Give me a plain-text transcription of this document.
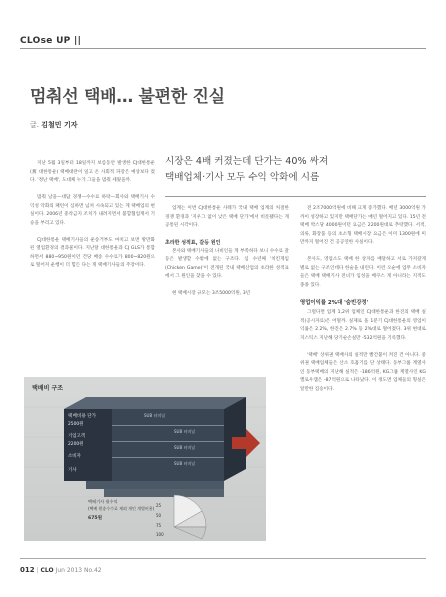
CLOse UP ||
멈춰선 택배… 불편한 진실
글. 김철민 기자

지난 5월 3일부터 18일까지 보름동안 발생한 CJ대한통운(舊 대한통운) 택배대란이 일고 온 사회적 파장은 예상보다 컸다. '정난 택배', 도대체 누가 그들을 멈춰 세웠을까.

멈춰 날을—대담 경쟁—수수료 하락—회사와 택배기사 수익성 악화의 패턴이 심하면 넘쳐 시속되고 있는 게 택배업의 현실이다. 2006년 중착금지 조치가 내려지면서 불합협업계서 기승을 부리고 있다.

CJ대한통운 택배기사들의 운송거부도 마치고 보면 방만화된 열업환경의 결과물이다. 지난달 대한통운과 CJ GLS가 통합하면서 880~950원이던 건당 배송 수수료가 800~820원으로 떨어져 운행이 더 힘든 다는 게 택배기사들의 주장이다.

시장은 4배 커졌는데 단가는 40% 싸져
택배업체·기사 모두 수익 악화에 시름

업계는 이번 CJ대한통운 사태가 국내 택배 업계의 처절한 경쟁 환경과 '지우그 없이 낮은 택배 단가'에서 비롯됐다는 게 공통된 시각이다.

초라한 성적표, 갈등 원인

본사와 택배기사들의 나비인들 게 부족하다 보니 수수료 갈등은 발생할 수밖에 없는 구조다. 심 수년째 '치킨게임(Chicken Game)'이 전개된 국내 택배산업의 초라한 성적표에서 그 원인을 찾을 수 있다.

현 택배시장 규모는 3조5000억원, 3년

전 2조7000억원에 비해 크게 증가했다. 배년 3000억원 가까이 성장하고 있지만 택배단가는 매년 떨어지고 있다. 15년 전 택배 박스당 4000원이던 요금은 2200원대로 추락했다. 서적, 의류, 화장품 등의 초소형 택배시장 요금은 이미 1300원에 미만까지 떨어진 건 공공연한 사실이다.

본사도, 영업소도 택배 한 상자를 배달하고 서로 가져갈게 별로 없는 구조인데다 한술을 내린다. 이런 오순에 업무 소비자들은 택배 택배기사 전녀가 임성을 배쿠스 게 아니라는 지적도 종종 있다.

영업이익률 2%대 '숨빈강정'

그럴다면 업계 1,2위 업체인 CJ대한통운과 한진의 택배 실적(공시자료)은 어떨까. 실제로 올 1분기 CJ대한통운의 영업이익률은 2.2%, 한진은 2.7% 등 2%대로 떨어졌다. 3위 현대로지스틱스 지난해 당기순손실만 -532억원을 기록했다.

'택배' 상위권 택배사의 실적만 빨간불이 켜진 건 아니다. 중위권 택배업체들은 산소 호흡기를 단 상태다. 동부그룹 계열사인 동부택배의 지난해 실적은 -186억원, KG그룹 계열사인 KG옐로우캡은 -87억원으로 나타났다. 이 정도면 업체들의 형실은 알만한 짐승이다.

택배비 구조
택배비용 단가
2500원
기업고객
2200원
소비자
기사
SUB 터미널
SUB 터미널
SUB 터미널
SUB 터미널
택배기사 월수익
(택배 원송수수료 제외 개인 개별비용)
675원
25
50
75
100
012 | CLO Jun 2013 No.42
